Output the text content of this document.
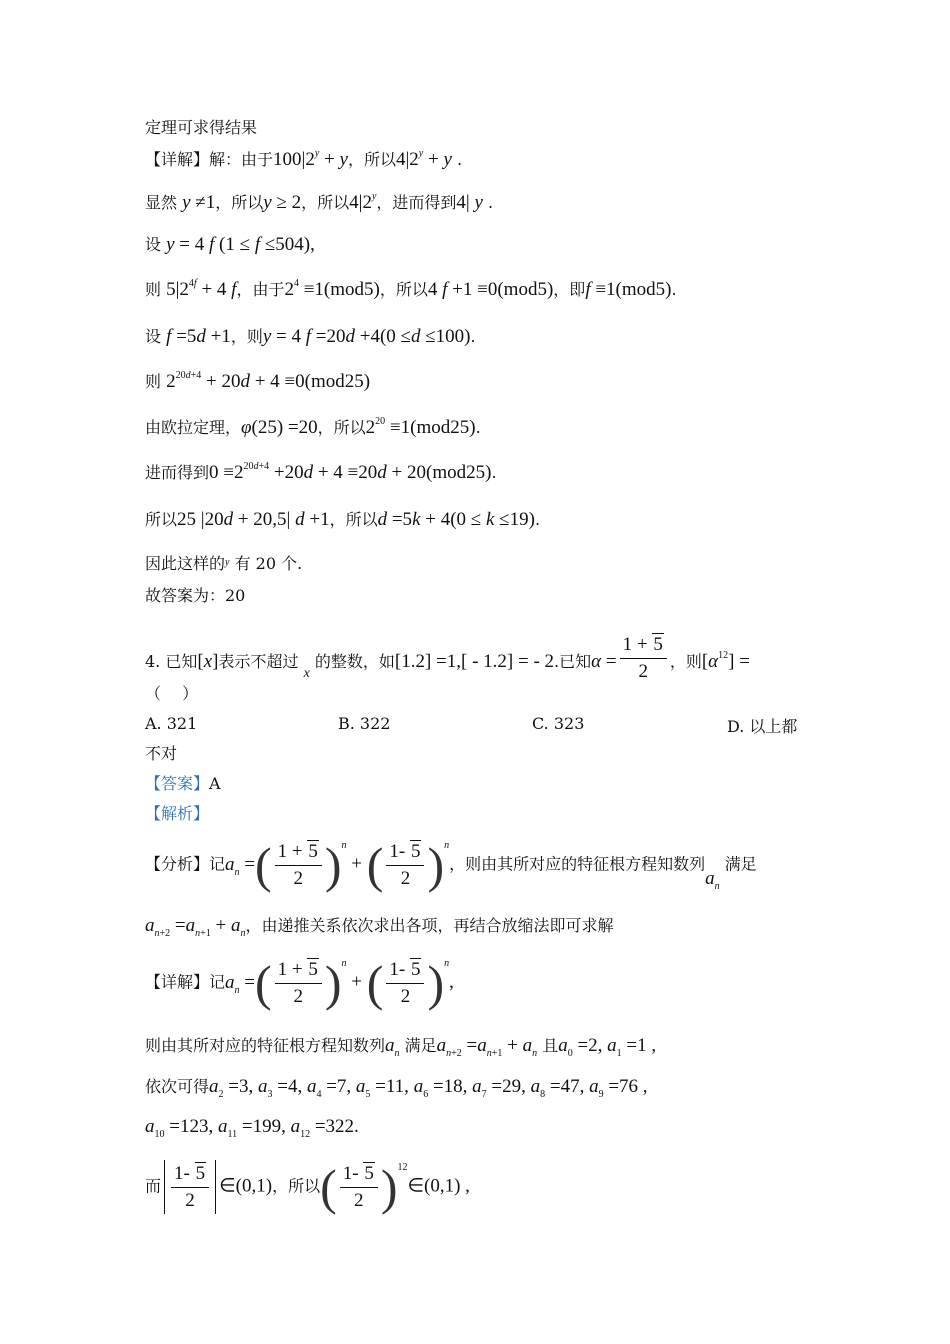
定理可求得结果
【详解】解：由于$100|2^y + y$，所以$4|2^y + y$ .
显然 y ≠1，所以y ≥ 2，所以4|2$^y$，进而得到4| y .
设 y = 4 f (1 ≤ f ≤504),
则 $5|2^{4f} + 4$ f，由于$2^4 \equiv 1(mod5)$，所以4 f +1 ≡0(mod5)，即f ≡1(mod5).
设 f =5d +1，则y = 4 f =20d +4(0 ≤d ≤100).
则 $2^{20d+4} + 20d + 4 \equiv 0(mod25)$
由欧拉定理，φ(25) =20，所以$2^{20} \equiv 1(mod25)$.
进而得到$0 \equiv 2^{20d+4} +20d + 4 \equiv 20d + 20(mod25)$.
所以25 |20d + 20,5| d +1，所以d =5k + 4(0 ≤ k ≤19).
因此这样的$^y$ 有 20 个.
故答案为：20
4. 已知[x]表示不超过 x 的整数，如[1.2] =1,[ - 1.2] = - 2.已知$\alpha = \frac{1 + 5}{2}$ ，则$[\alpha^{12}]$ =
（　 ）
A. 321	B. 322	C. 323	D. 以上都
不对
【答案】A
【解析】
【分析】记$a_n$ =( $\frac{1 + 5}{2} )^n$ + ( $\frac{1- 5}{2} )^n$，则由其所对应的特征根方程知数列$a_n$ 满足
$a_{n+2} =a_{n+1} + a_n$，由递推关系依次求出各项，再结合放缩法即可求解
【详解】记$a_n$ =( $\frac{1 + 5}{2} )^n$ + ( $\frac{1- 5}{2} )^n$,
则由其所对应的特征根方程知数列$a_n$ 满足$a_{n+2} =a_{n+1} + a_n$ 且$a_0 =2$, $a_1 =1$ ,
依次可得$a_2 =3$, $a_3 =4$, $a_4 =7$, $a_5 =11$, $a_6 =18$, $a_7 =29$, $a_8 =47$, $a_9 =76$ ,
$a_{10} =123$, $a_{11} =199$, $a_{12} =322$.
而 $\frac{1- 5}{2}$ ∈(0,1)，所以( $\frac{1- 5}{2}$ )$^{12}$∈(0,1) ,
